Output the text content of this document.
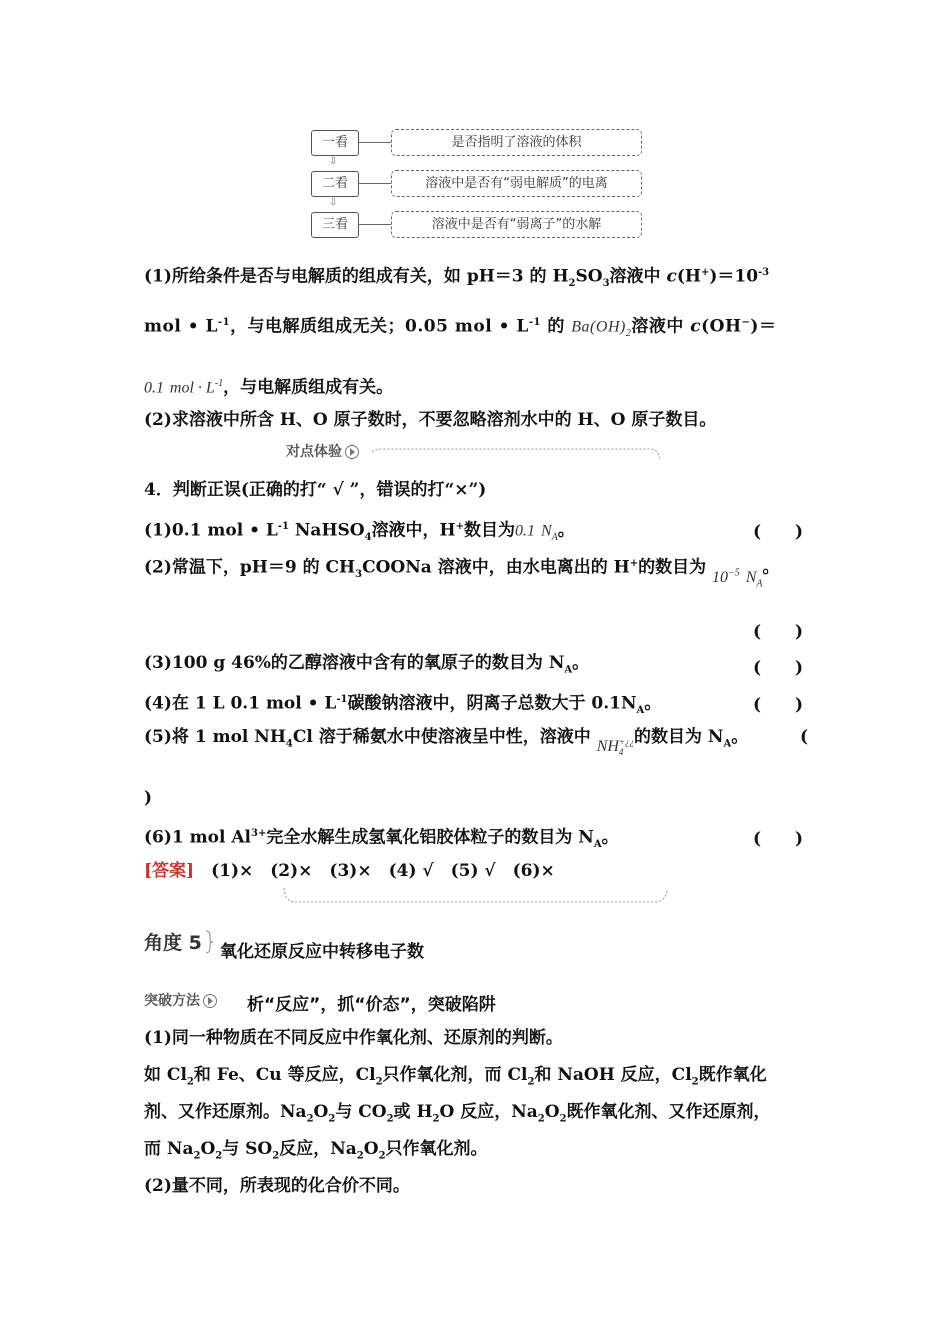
一看	是否指明了溶液的体积
⇩
二看	溶液中是否有“弱电解质”的电离
⇩
三看	溶液中是否有“弱离子”的水解
(1)所给条件是否与电解质的组成有关，如 pH＝3 的 $H_2SO_3$溶液中 $c(H^+)=10^{-3}$
mol • $L^{-1}$，与电解质组成无关；0.05 mol • $L^{-1}$ 的 $Ba(OH)_2$溶液中 c(OH−)＝
0.1 mol · $L^{-1}$，与电解质组成有关。
(2)求溶液中所含 H、O 原子数时，不要忽略溶剂水中的 H、O 原子数目。
对点体验
4．判断正误(正确的打“ √ ”，错误的打“×”)
(1)0.1 mol • $L^{-1}$ NaHSO$_4$溶液中，H+数目为0.1 $N_A$。	(　　)
(2)常温下，pH＝9 的 $CH_3COONa$ 溶液中，由水电离出的 H+的数目为 $10^{-5}$ $N_A$。
(　　)
(3)100 g 46%的乙醇溶液中含有的氧原子的数目为 $N_A$。	(　　)
(4)在 1 L 0.1 mol • $L^{-1}$碳酸钠溶液中，阴离子总数大于 $0.1N_A$。	(　　)
(5)将 1 mol $NH_4Cl$ 溶于稀氨水中使溶液呈中性，溶液中 NH +¿¿
4
的数目为 $N_A$。	(
)
(6)1 mol $Al^{3+}$完全水解生成氢氧化铝胶体粒子的数目为 $N_A$。	(　　)
[答案]　 (1)×　(2)×　(3)×　(4) √　(5) √　(6)×
角度 5 氧化还原反应中转移电子数
突破方法	析“反应”，抓“价态”，突破陷阱
(1)同一种物质在不同反应中作氧化剂、还原剂的判断。
如 $Cl_2$和 Fe、Cu 等反应，$Cl_2$只作氧化剂，而 $Cl_2$和 NaOH 反应，$Cl_2$既作氧化
剂、又作还原剂。$Na_2O_2$与 $CO_2$或 $H_2O$ 反应，$Na_2O_2$既作氧化剂、又作还原剂，
而 $Na_2O_2$与 $SO_2$反应，$Na_2O_2$只作氧化剂。
(2)量不同，所表现的化合价不同。
